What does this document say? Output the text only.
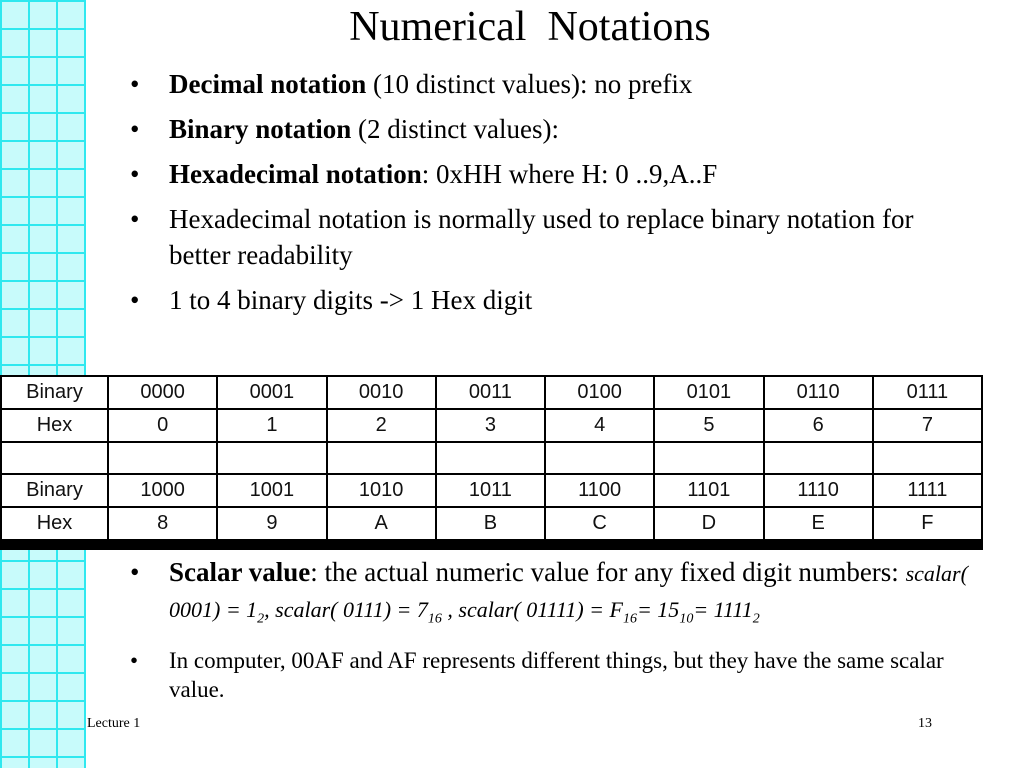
Numerical  Notations
• Decimal notation (10 distinct values): no prefix
• Binary notation (2 distinct values):
• Hexadecimal notation: 0xHH where H: 0 ..9,A..F
• Hexadecimal notation is normally used to replace binary notation for better readability
• 1 to 4 binary digits -> 1 Hex digit
Binary	0000	0001	0010	0011	0100	0101	0110	0111
Hex	0	1	2	3	4	5	6	7

Binary	1000	1001	1010	1011	1100	1101	1110	1111
Hex	8	9	A	B	C	D	E	F
• Scalar value: the actual numeric value for any fixed digit numbers: scalar( $0001) = 1_2$, scalar( $0111) = 7_{16}$ , scalar( $01111) = F_{16}= 15_{10}= 1111_2$
• In computer, 00AF and AF represents different things, but they have the same scalar value.
Lecture 1	13
